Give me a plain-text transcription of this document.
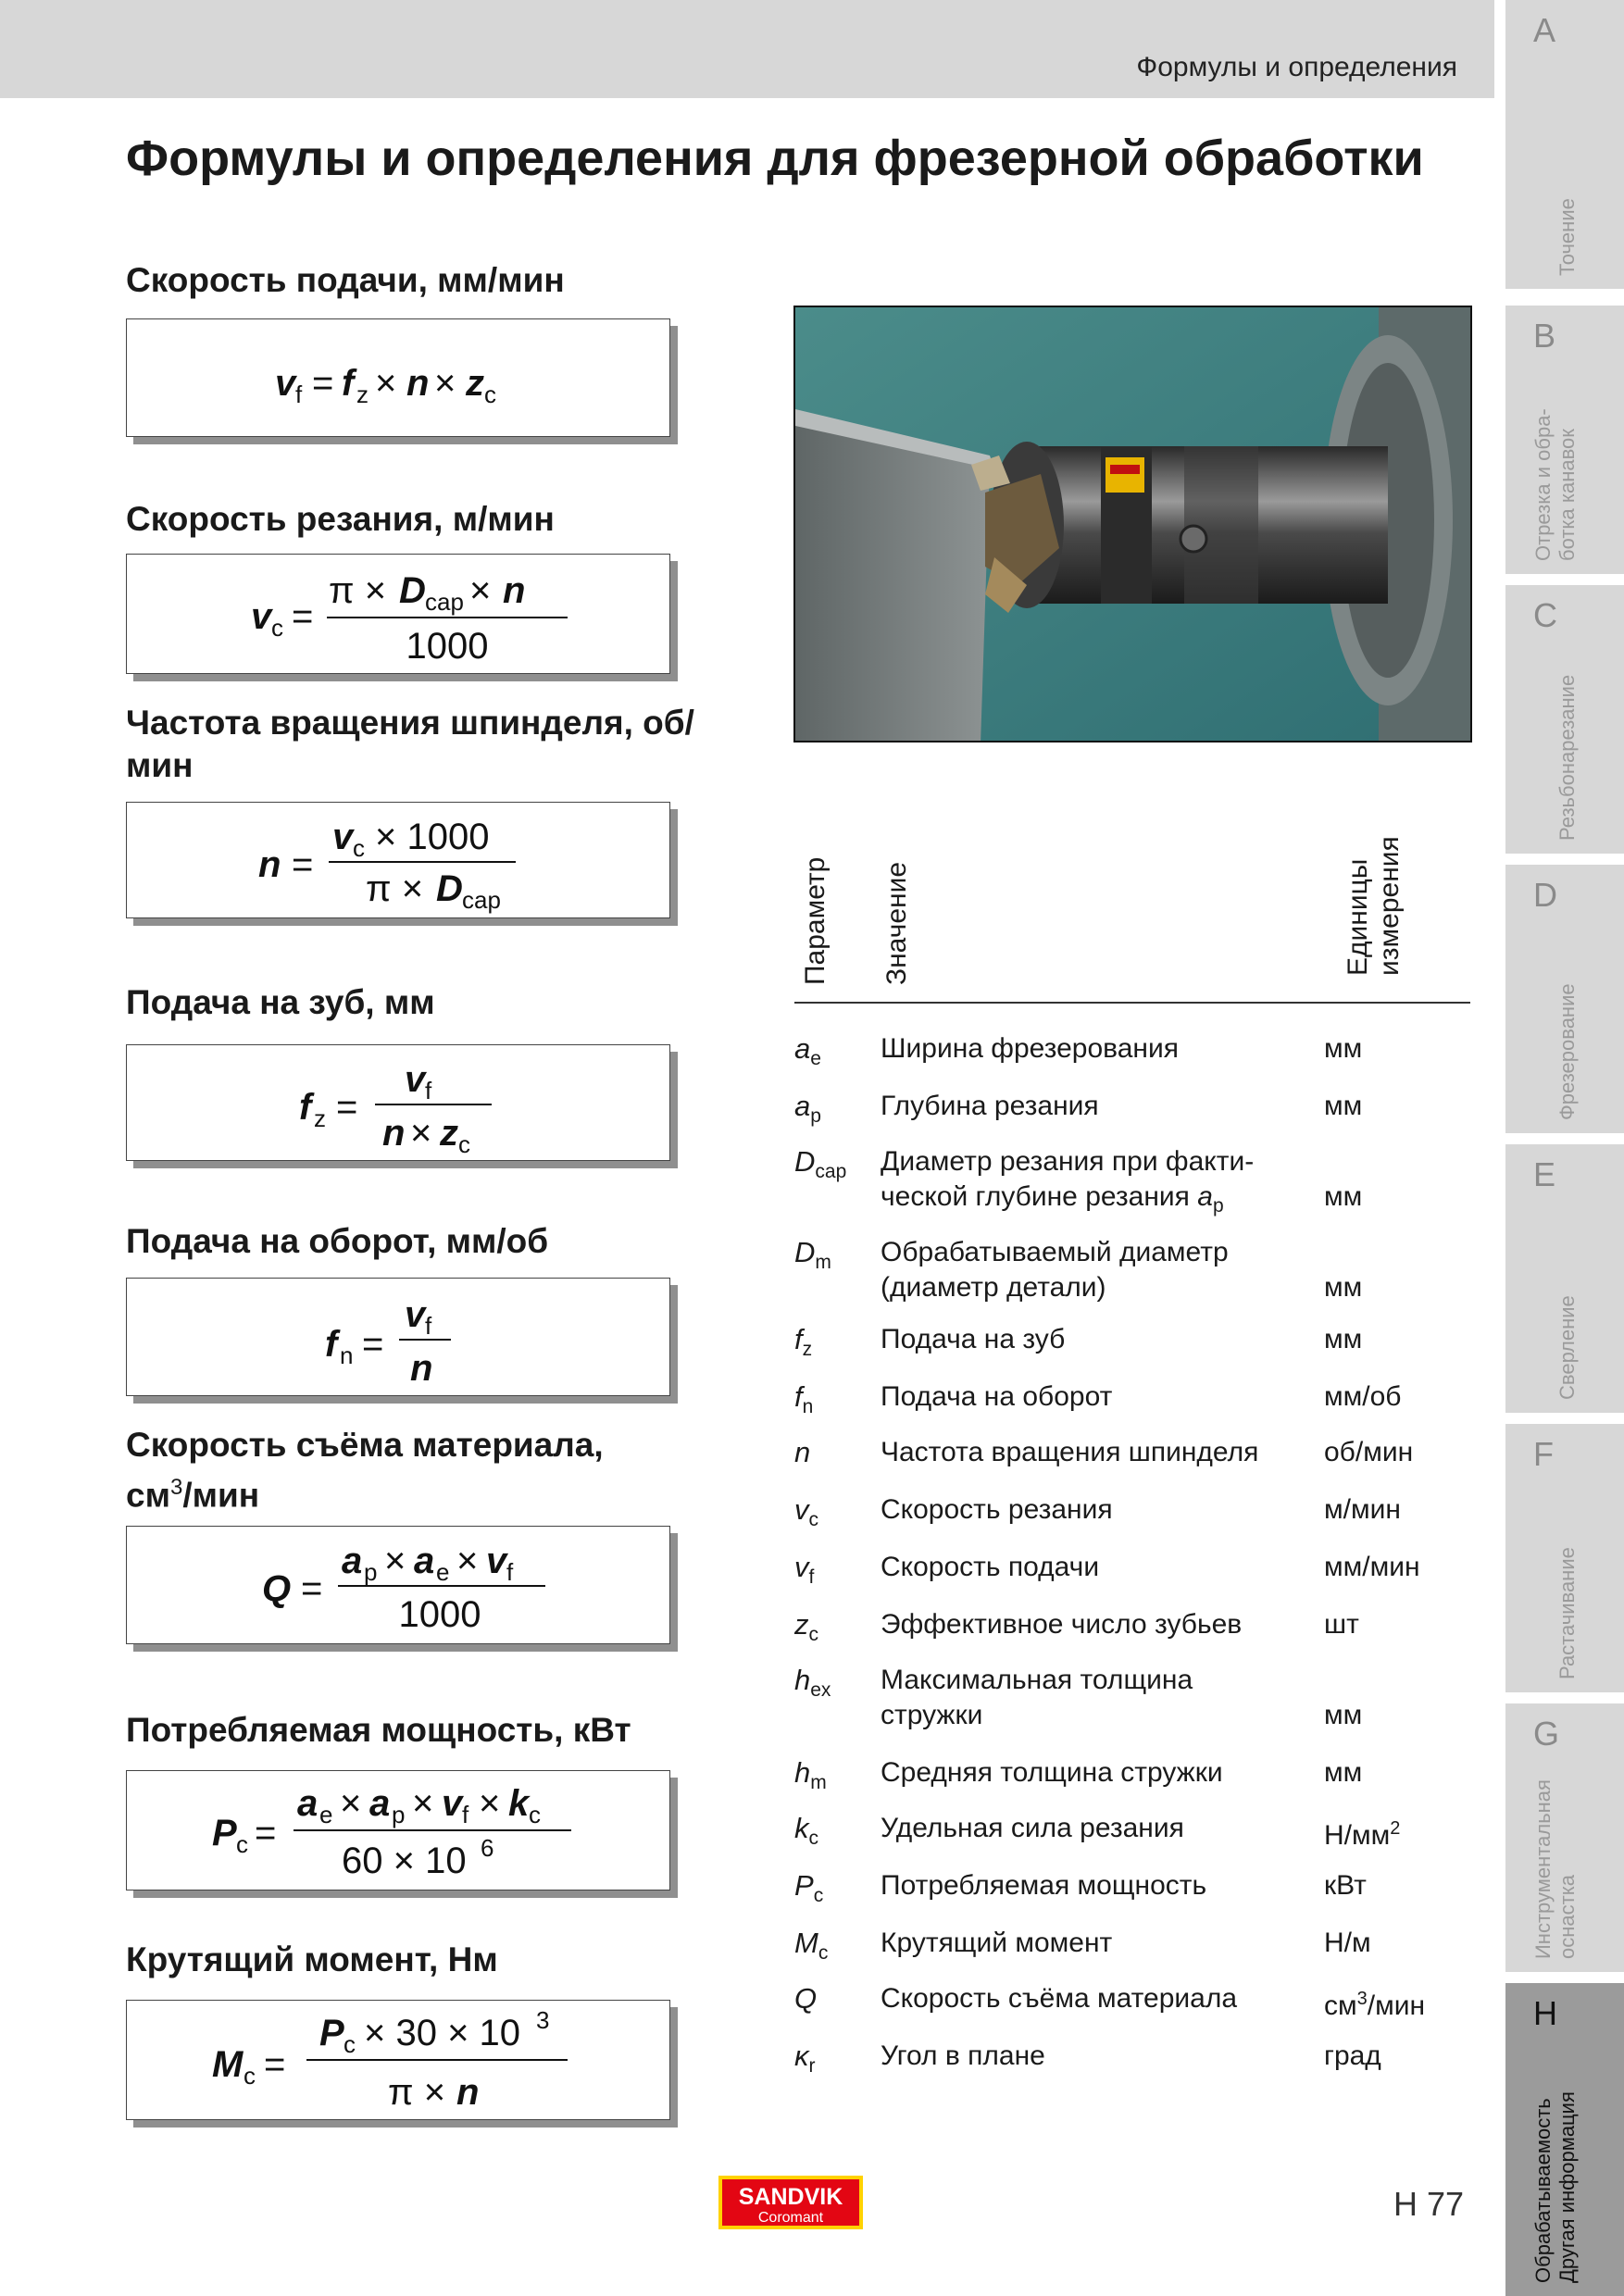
Формулы и определения
Формулы и определения для фрезерной обработки
Скорость подачи, мм/мин
v f = f z × n × z c
Скорость резания, м/мин
v c =
π × D cap × n
1000
Частота вращения шпинделя, об/мин
n =
v c × 1000
π × D cap
Подача на зуб, мм
f z =
v f
n × z c
Подача на оборот, мм/об
f n =
v f
n
Скорость съёма материала,
$см^3$/мин
Q =
a p × a e × v f
1000
Потребляемая мощность, кВт
P c =
a e × a p × v f × k c
60 × 10 6
Крутящий момент, Нм
M c =
P c × 30 × 10 3
π × n
Параметр Значение	Единицы
измерения
$a_e$ Ширина фрезерования	мм
$a_p$ Глубина резания	мм
$D_{cap}$ Диаметр резания при факти-
ческой глубине резания $a_p$	мм
$D_m$ Обрабатываемый диаметр
(диаметр детали)	мм
$f_z$ Подача на зуб	мм
$f_n$ Подача на оборот	мм/об
n	Частота вращения шпинделя	об/мин
$v_c$ Скорость резания	м/мин
$v_f$ Скорость подачи	мм/мин
$z_c$ Эффективное число зубьев	шт
$h_{ex}$ Максимальная толщина
стружки	мм
$h_m$ Средняя толщина стружки	мм
$k_c$ Удельная сила резания	$Н/мм^2$
$P_c$ Потребляемая мощность	кВт
$M_c$ Крутящий момент	Н/м
Q Скорость съёма материала	$см^3$/мин
$\kappa_r$ Угол в плане	град
A
Точение
B
Отрезка и обра-
ботка канавок
C
Резьбонарезание
D
Фрезерование
E
Сверление
F
Растачивание
G
Инструментальная
оснастка
H
Обрабатываемость
Другая информация
SANDVIK
Coromant	H 77
